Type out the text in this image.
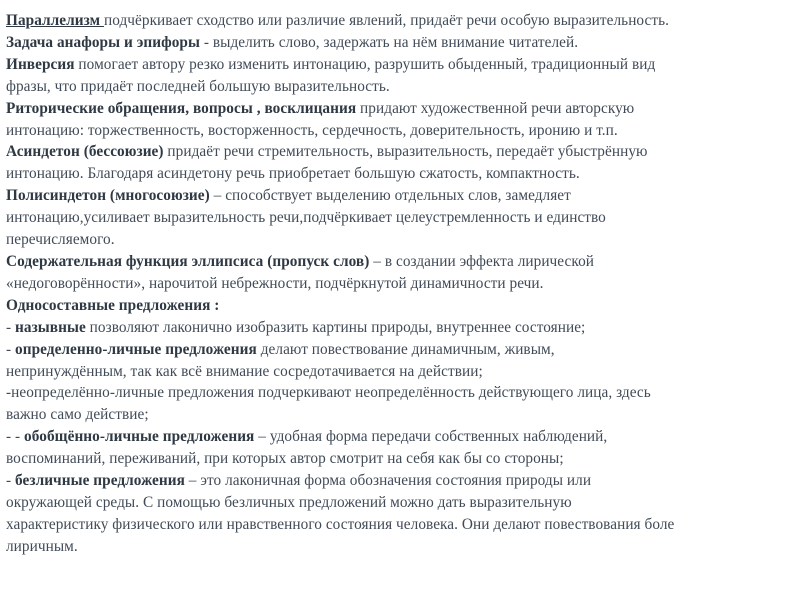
Параллелизм подчёркивает сходство или различие явлений, придаёт речи особую выразительность.
Задача анафоры и эпифоры - выделить слово, задержать на нём внимание читателей.
Инверсия помогает автору резко изменить интонацию, разрушить обыденный, традиционный вид
фразы, что придаёт последней большую выразительность.
Риторические обращения, вопросы , восклицания придают художественной речи авторскую
интонацию: торжественность, восторженность, сердечность, доверительность, иронию и т.п.
Асиндетон (бессоюзие) придаёт речи стремительность, выразительность, передаёт убыстрённую
интонацию. Благодаря асиндетону речь приобретает большую сжатость, компактность.
Полисиндетон (многосоюзие) – способствует выделению отдельных слов, замедляет
интонацию,усиливает выразительность речи,подчёркивает целеустремленность и единство
перечисляемого.
Содержательная функция эллипсиса (пропуск слов) – в создании эффекта лирической
«недоговорённости», нарочитой небрежности, подчёркнутой динамичности речи.
Односоставные предложения :
- назывные позволяют лаконично изобразить картины природы, внутреннее состояние;
- определенно-личные предложения делают повествование динамичным, живым,
непринуждённым, так как всё внимание сосредотачивается на действии;
-неопределённо-личные предложения подчеркивают неопределённость действующего лица, здесь
важно само действие;
- - обобщённо-личные предложения – удобная форма передачи собственных наблюдений,
воспоминаний, переживаний, при которых автор смотрит на себя как бы со стороны;
- безличные предложения – это лаконичная форма обозначения состояния природы или
окружающей среды. С помощью безличных предложений можно дать выразительную
характеристику физического или нравственного состояния человека. Они делают повествования боле
лиричным.
